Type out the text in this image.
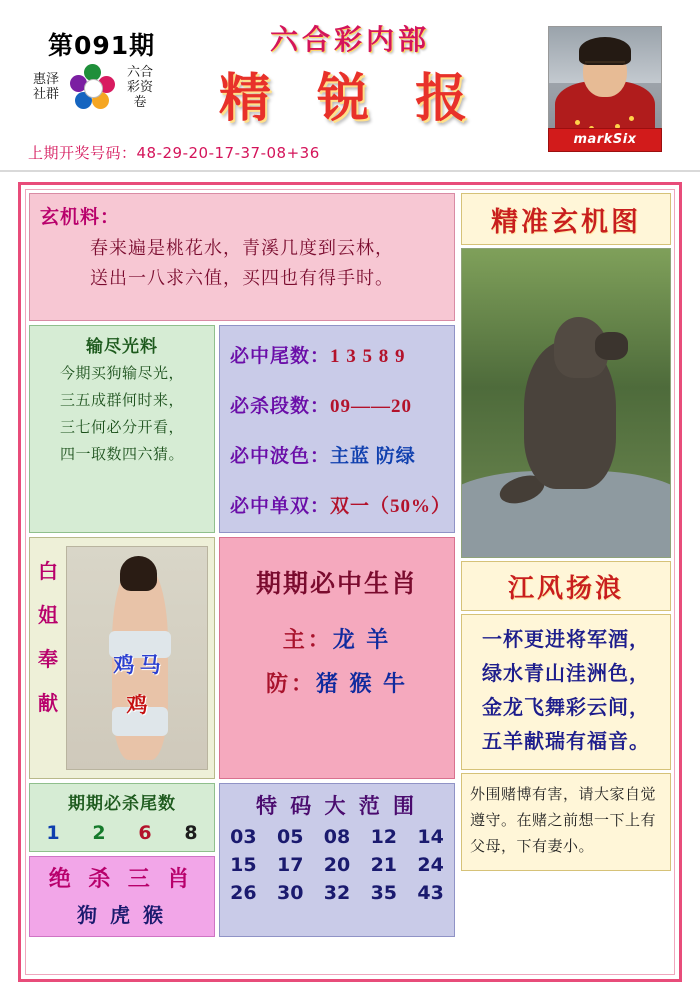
第091期
惠泽社群
六合彩资卷
六合彩内部
精 锐 报
markSix
上期开奖号码：48-29-20-17-37-08+36
玄机料：
春来遍是桃花水，青溪几度到云林，
送出一八求六值，买四也有得手时。
输尽光料
今期买狗输尽光，
三五成群何时来，
三七何必分开看，
四一取数四六猜。
必中尾数：1 3 5 8 9
必杀段数：09——20
必中波色：主蓝 防绿
必中单双：双一（50%）
白姐奉献
鸡 马
鸡
期期必中生肖
主：龙 羊
防：猪 猴 牛
期期必杀尾数
1 2 6 8
绝 杀 三 肖
狗 虎 猴
特 码 大 范 围
03	05	08	12	14
15	17	20	21	24
26	30	32	35	43
精准玄机图
江风扬浪
一杯更进将军酒，
绿水青山洼洲色，
金龙飞舞彩云间，
五羊献瑞有福音。
外围赌博有害，请大家自觉遵守。在赌之前想一下上有父母，下有妻小。
